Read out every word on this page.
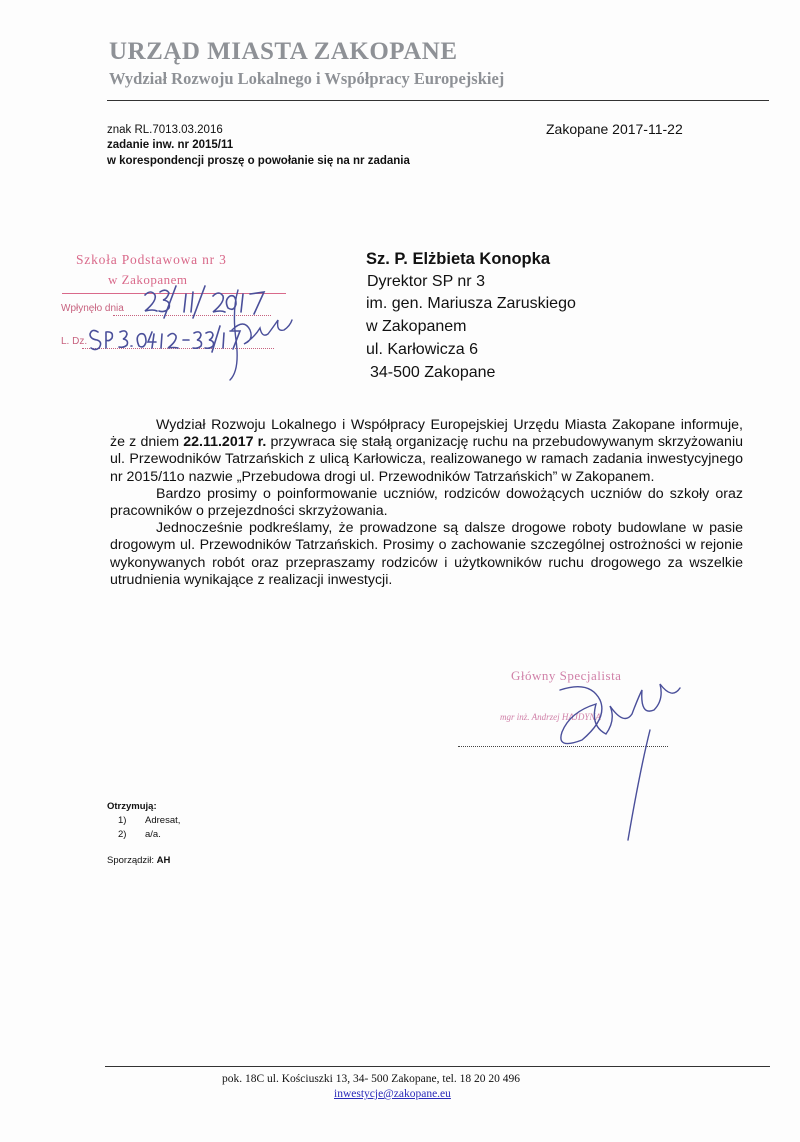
URZĄD MIASTA ZAKOPANE
Wydział Rozwoju Lokalnego i Współpracy Europejskiej
znak RL.7013.03.2016
zadanie inw. nr 2015/11
w korespondencji proszę o powołanie się na nr zadania
Zakopane 2017-11-22
Szkoła Podstawowa nr 3
w Zakopanem
Wpłynęło dnia
L. Dz.
Sz. P. Elżbieta Konopka
Dyrektor SP nr 3
im. gen. Mariusza Zaruskiego
w Zakopanem
ul. Karłowicza 6
34-500 Zakopane

Wydział Rozwoju Lokalnego i Współpracy Europejskiej Urzędu Miasta Zakopane informuje, że z dniem 22.11.2017 r. przywraca się stałą organizację ruchu na przebudowywanym skrzyżowaniu ul. Przewodników Tatrzańskich z ulicą Karłowicza, realizowanego w ramach zadania inwestycyjnego nr 2015/11o nazwie „Przebudowa drogi ul. Przewodników Tatrzańskich” w Zakopanem.

Bardzo prosimy o poinformowanie uczniów, rodziców dowożących uczniów do szkoły oraz pracowników o przejezdności skrzyżowania.

Jednocześnie podkreślamy, że prowadzone są dalsze drogowe roboty budowlane w pasie drogowym ul. Przewodników Tatrzańskich. Prosimy o zachowanie szczególnej ostrożności w rejonie wykonywanych robót oraz przepraszamy rodziców i użytkowników ruchu drogowego za wszelkie utrudnienia wynikające z realizacji inwestycji.

Główny Specjalista
mgr inż. Andrzej HAJDYNA
Otrzymują:
1) Adresat,
2) a/a.
Sporządził: AH
pok. 18C ul. Kościuszki 13, 34- 500 Zakopane, tel. 18 20 20 496
inwestycje@zakopane.eu
